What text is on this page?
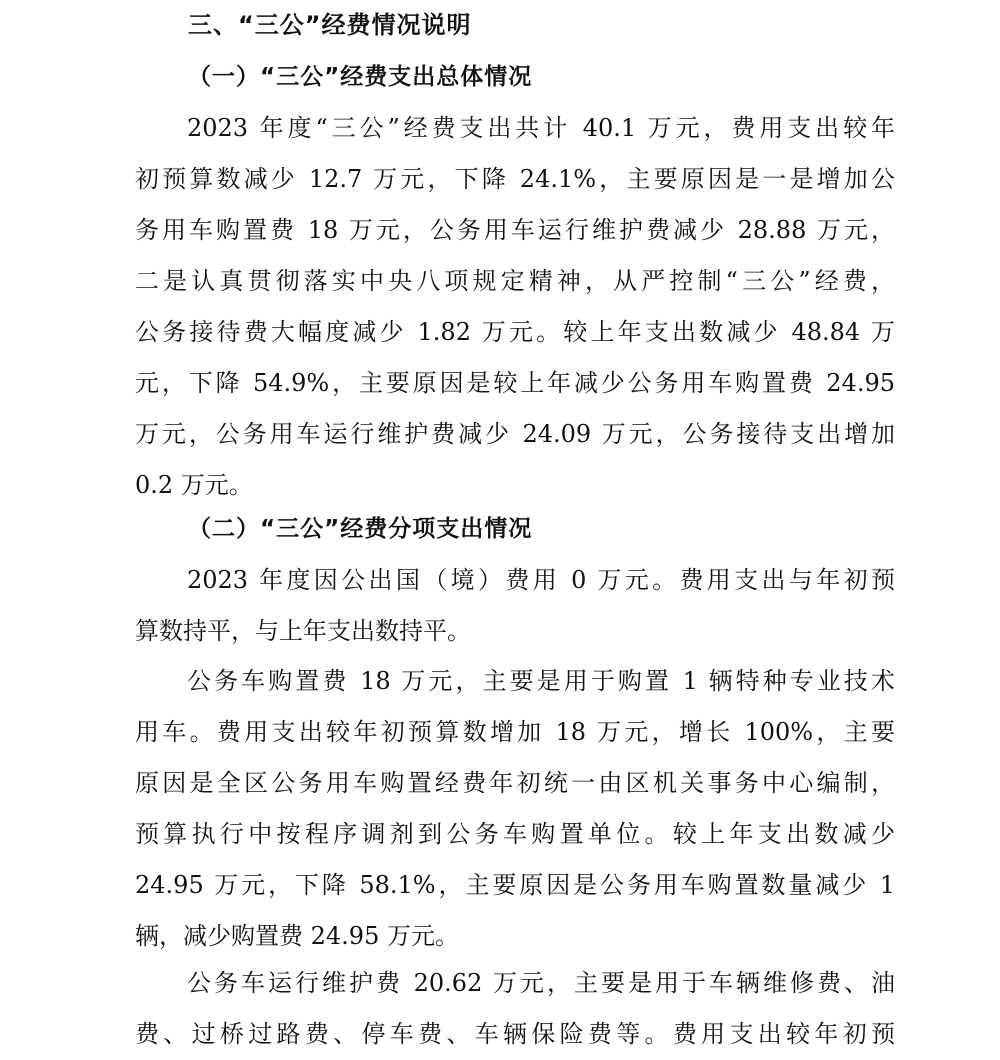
三、“三公”经费情况说明
（一）“三公”经费支出总体情况
2023 年度“三公”经费支出共计 40.1 万元，费用支出较年
初预算数减少 12.7 万元，下降 24.1%，主要原因是一是增加公
务用车购置费 18 万元，公务用车运行维护费减少 28.88 万元，
二是认真贯彻落实中央八项规定精神，从严控制“三公”经费，
公务接待费大幅度减少 1.82 万元。较上年支出数减少 48.84 万
元，下降 54.9%，主要原因是较上年减少公务用车购置费 24.95
万元，公务用车运行维护费减少 24.09 万元，公务接待支出增加
0.2 万元。
（二）“三公”经费分项支出情况
2023 年度因公出国（境）费用 0 万元。费用支出与年初预
算数持平，与上年支出数持平。
公务车购置费 18 万元，主要是用于购置 1 辆特种专业技术
用车。费用支出较年初预算数增加 18 万元，增长 100%，主要
原因是全区公务用车购置经费年初统一由区机关事务中心编制，
预算执行中按程序调剂到公务车购置单位。较上年支出数减少
24.95 万元，下降 58.1%，主要原因是公务用车购置数量减少 1
辆，减少购置费 24.95 万元。
公务车运行维护费 20.62 万元，主要是用于车辆维修费、油
费、过桥过路费、停车费、车辆保险费等。费用支出较年初预
